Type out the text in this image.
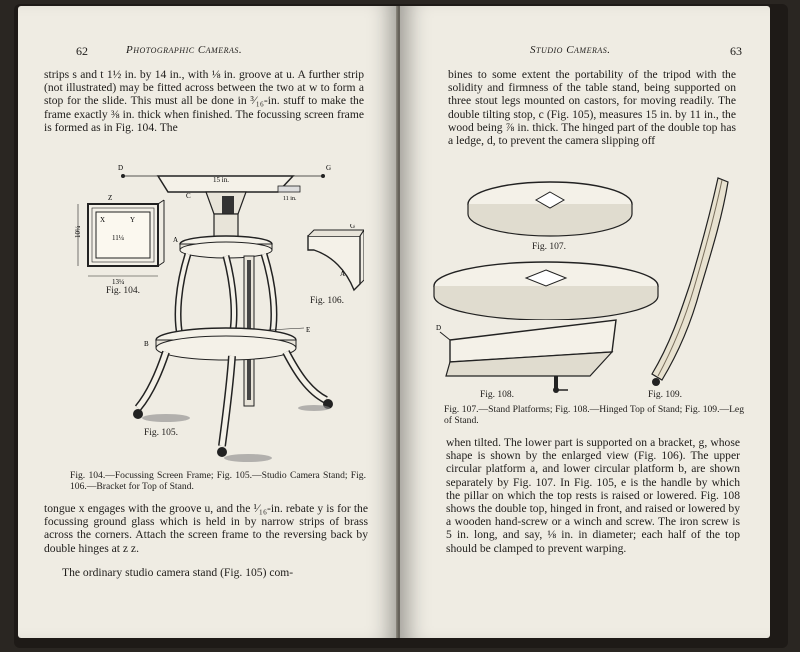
62	Photographic Cameras.

strips s and t 1½ in. by 14 in., with ⅛ in. groove at u. A further strip (not illustrated) may be fitted across between the two at w to form a stop for the slide. This must all be done in ³⁄₁₆-in. stuff to make the frame exactly ⅜ in. thick when finished. The focussing screen frame is formed as in Fig. 104. The

Z
X	Y
11¼
10¼
13¼
Fig. 104.
15 in.
11 in.
D	G
C
A
E
B
Fig. 105.
G
A
Fig. 106.

Fig. 104.—Focussing Screen Frame; Fig. 105.—Studio Camera Stand; Fig. 106.—Bracket for Top of Stand.

tongue x engages with the groove u, and the ¹⁄₁₆-in. rebate y is for the focussing ground glass which is held in by narrow strips of brass across the corners. Attach the screen frame to the reversing back by double hinges at z z.

The ordinary studio camera stand (Fig. 105) com-

Studio Cameras.	63

bines to some extent the portability of the tripod with the solidity and firmness of the table stand, being supported on three stout legs mounted on castors, for moving readily. The double tilting stop, c (Fig. 105), measures 15 in. by 11 in., the wood being ⅞ in. thick. The hinged part of the double top has a ledge, d, to prevent the camera slipping off

Fig. 107.
D
Fig. 108.	Fig. 109.

Fig. 107.—Stand Platforms; Fig. 108.—Hinged Top of Stand; Fig. 109.—Leg of Stand.

when tilted. The lower part is supported on a bracket, g, whose shape is shown by the enlarged view (Fig. 106). The upper circular platform a, and lower circular platform b, are shown separately by Fig. 107. In Fig. 105, e is the handle by which the pillar on which the top rests is raised or lowered. Fig. 108 shows the double top, hinged in front, and raised or lowered by a wooden hand-screw or a winch and screw. The iron screw is 5 in. long, and say, ⅛ in. in diameter; each half of the top should be clamped to prevent warping.
